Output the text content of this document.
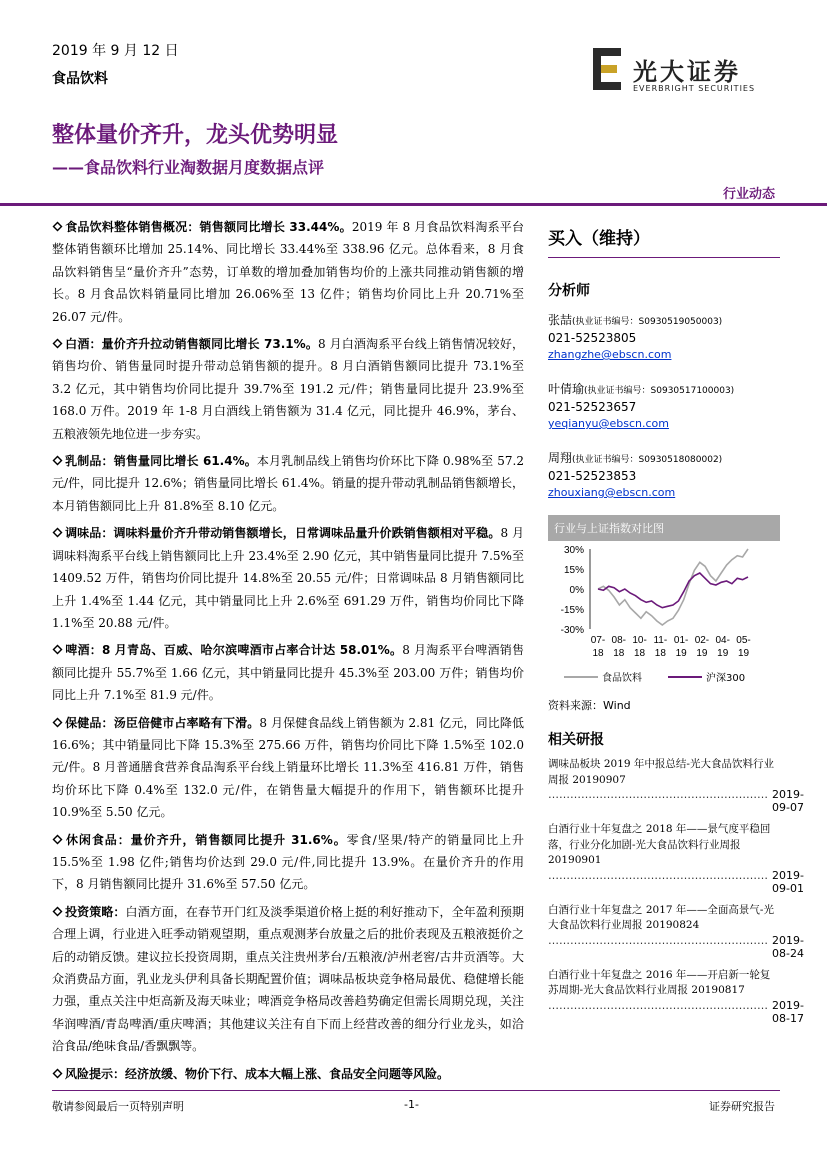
2019 年 9 月 12 日
食品饮料	光大证券
EVERBRIGHT SECURITIES
整体量价齐升，龙头优势明显
——食品饮料行业淘数据月度数据点评
行业动态
食品饮料整体销售概况：销售额同比增长 33.44%。2019 年 8 月食品饮料淘系平台整体销售额环比增加 25.14%、同比增长 33.44%至 338.96 亿元。总体看来，8 月食品饮料销售呈“量价齐升”态势，订单数的增加叠加销售均价的上涨共同推动销售额的增长。8 月食品饮料销量同比增加 26.06%至 13 亿件；销售均价同比上升 20.71%至 26.07 元/件。
白酒：量价齐升拉动销售额同比增长 73.1%。8 月白酒淘系平台线上销售情况较好，销售均价、销售量同时提升带动总销售额的提升。8 月白酒销售额同比提升 73.1%至 3.2 亿元，其中销售均价同比提升 39.7%至 191.2 元/件；销售量同比提升 23.9%至 168.0 万件。2019 年 1-8 月白酒线上销售额为 31.4 亿元，同比提升 46.9%，茅台、五粮液领先地位进一步夯实。
乳制品：销售量同比增长 61.4%。本月乳制品线上销售均价环比下降 0.98%至 57.2 元/件，同比提升 12.6%；销售量同比增长 61.4%。销量的提升带动乳制品销售额增长，本月销售额同比上升 81.8%至 8.10 亿元。
调味品：调味料量价齐升带动销售额增长，日常调味品量升价跌销售额相对平稳。8 月调味料淘系平台线上销售额同比上升 23.4%至 2.90 亿元，其中销售量同比提升 7.5%至 1409.52 万件，销售均价同比提升 14.8%至 20.55 元/件；日常调味品 8 月销售额同比上升 1.4%至 1.44 亿元，其中销量同比上升 2.6%至 691.29 万件，销售均价同比下降 1.1%至 20.88 元/件。
啤酒：8 月青岛、百威、哈尔滨啤酒市占率合计达 58.01%。8 月淘系平台啤酒销售额同比提升 55.7%至 1.66 亿元，其中销量同比提升 45.3%至 203.00 万件；销售均价同比上升 7.1%至 81.9 元/件。
保健品：汤臣倍健市占率略有下滑。8 月保健食品线上销售额为 2.81 亿元，同比降低 16.6%；其中销量同比下降 15.3%至 275.66 万件，销售均价同比下降 1.5%至 102.0 元/件。8 月普通膳食营养食品淘系平台线上销量环比增长 11.3%至 416.81 万件，销售均价环比下降 0.4%至 132.0 元/件，在销售量大幅提升的作用下，销售额环比提升 10.9%至 5.50 亿元。
休闲食品：量价齐升，销售额同比提升 31.6%。零食/坚果/特产的销量同比上升 15.5%至 1.98 亿件;销售均价达到 29.0 元/件,同比提升 13.9%。在量价齐升的作用下，8 月销售额同比提升 31.6%至 57.50 亿元。
投资策略：白酒方面，在春节开门红及淡季渠道价格上挺的利好推动下，全年盈利预期合理上调，行业进入旺季动销观望期，重点观测茅台放量之后的批价表现及五粮液挺价之后的动销反馈。建议拉长投资周期，重点关注贵州茅台/五粮液/泸州老窖/古井贡酒等。大众消费品方面，乳业龙头伊利具备长期配置价值；调味品板块竞争格局最优、稳健增长能力强，重点关注中炬高新及海天味业；啤酒竞争格局改善趋势确定但需长周期兑现，关注华润啤酒/青岛啤酒/重庆啤酒；其他建议关注有自下而上经营改善的细分行业龙头，如洽洽食品/绝味食品/香飘飘等。
风险提示：经济放缓、物价下行、成本大幅上涨、食品安全问题等风险。
买入（维持）
分析师
张喆(执业证书编号：S0930519050003)
021-52523805
zhangzhe@ebscn.com
叶倩瑜(执业证书编号：S0930517100003)
021-52523657
yeqianyu@ebscn.com
周翔(执业证书编号：S0930518080002)
021-52523853
zhouxiang@ebscn.com
行业与上证指数对比图
30%
15%
0%
-15%
-30%
07-
18
08-
18
10-
18
11-
18
01-
19
02-
19
04-
19
05-
19
食品饮料	沪深300
资料来源：Wind
相关研报
调味品板块 2019 年中报总结-光大食品饮料行业周报 20190907
…………………………………………………… 2019-09-07
白酒行业十年复盘之 2018 年——景气度平稳回落，行业分化加剧-光大食品饮料行业周报 20190901
…………………………………………………… 2019-09-01
白酒行业十年复盘之 2017 年——全面高景气-光大食品饮料行业周报 20190824
…………………………………………………… 2019-08-24
白酒行业十年复盘之 2016 年——开启新一轮复苏周期-光大食品饮料行业周报 20190817
…………………………………………………… 2019-08-17
敬请参阅最后一页特别声明	-1-	证券研究报告
